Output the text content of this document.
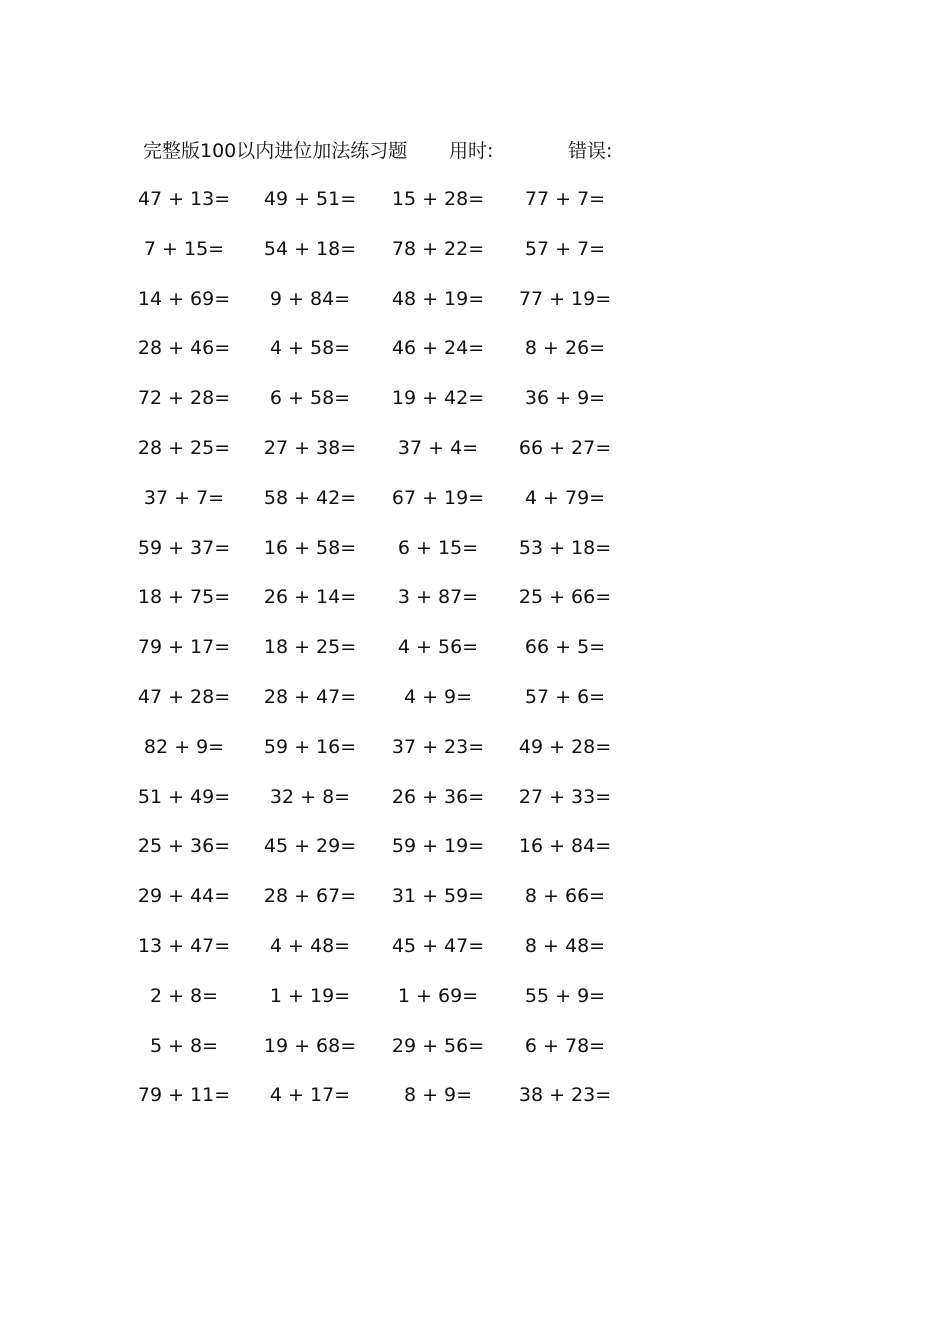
完整版100以内进位加法练习题 用时:	错误:
47 + 13=	49 + 51=	15 + 28=	77 + 7=
7 + 15=	54 + 18=	78 + 22=	57 + 7=
14 + 69=	9 + 84=	48 + 19=	77 + 19=
28 + 46=	4 + 58=	46 + 24=	8 + 26=
72 + 28=	6 + 58=	19 + 42=	36 + 9=
28 + 25=	27 + 38=	37 + 4=	66 + 27=
37 + 7=	58 + 42=	67 + 19=	4 + 79=
59 + 37=	16 + 58=	6 + 15=	53 + 18=
18 + 75=	26 + 14=	3 + 87=	25 + 66=
79 + 17=	18 + 25=	4 + 56=	66 + 5=
47 + 28=	28 + 47=	4 + 9=	57 + 6=
82 + 9=	59 + 16=	37 + 23=	49 + 28=
51 + 49=	32 + 8=	26 + 36=	27 + 33=
25 + 36=	45 + 29=	59 + 19=	16 + 84=
29 + 44=	28 + 67=	31 + 59=	8 + 66=
13 + 47=	4 + 48=	45 + 47=	8 + 48=
2 + 8=	1 + 19=	1 + 69=	55 + 9=
5 + 8=	19 + 68=	29 + 56=	6 + 78=
79 + 11=	4 + 17=	8 + 9=	38 + 23=
